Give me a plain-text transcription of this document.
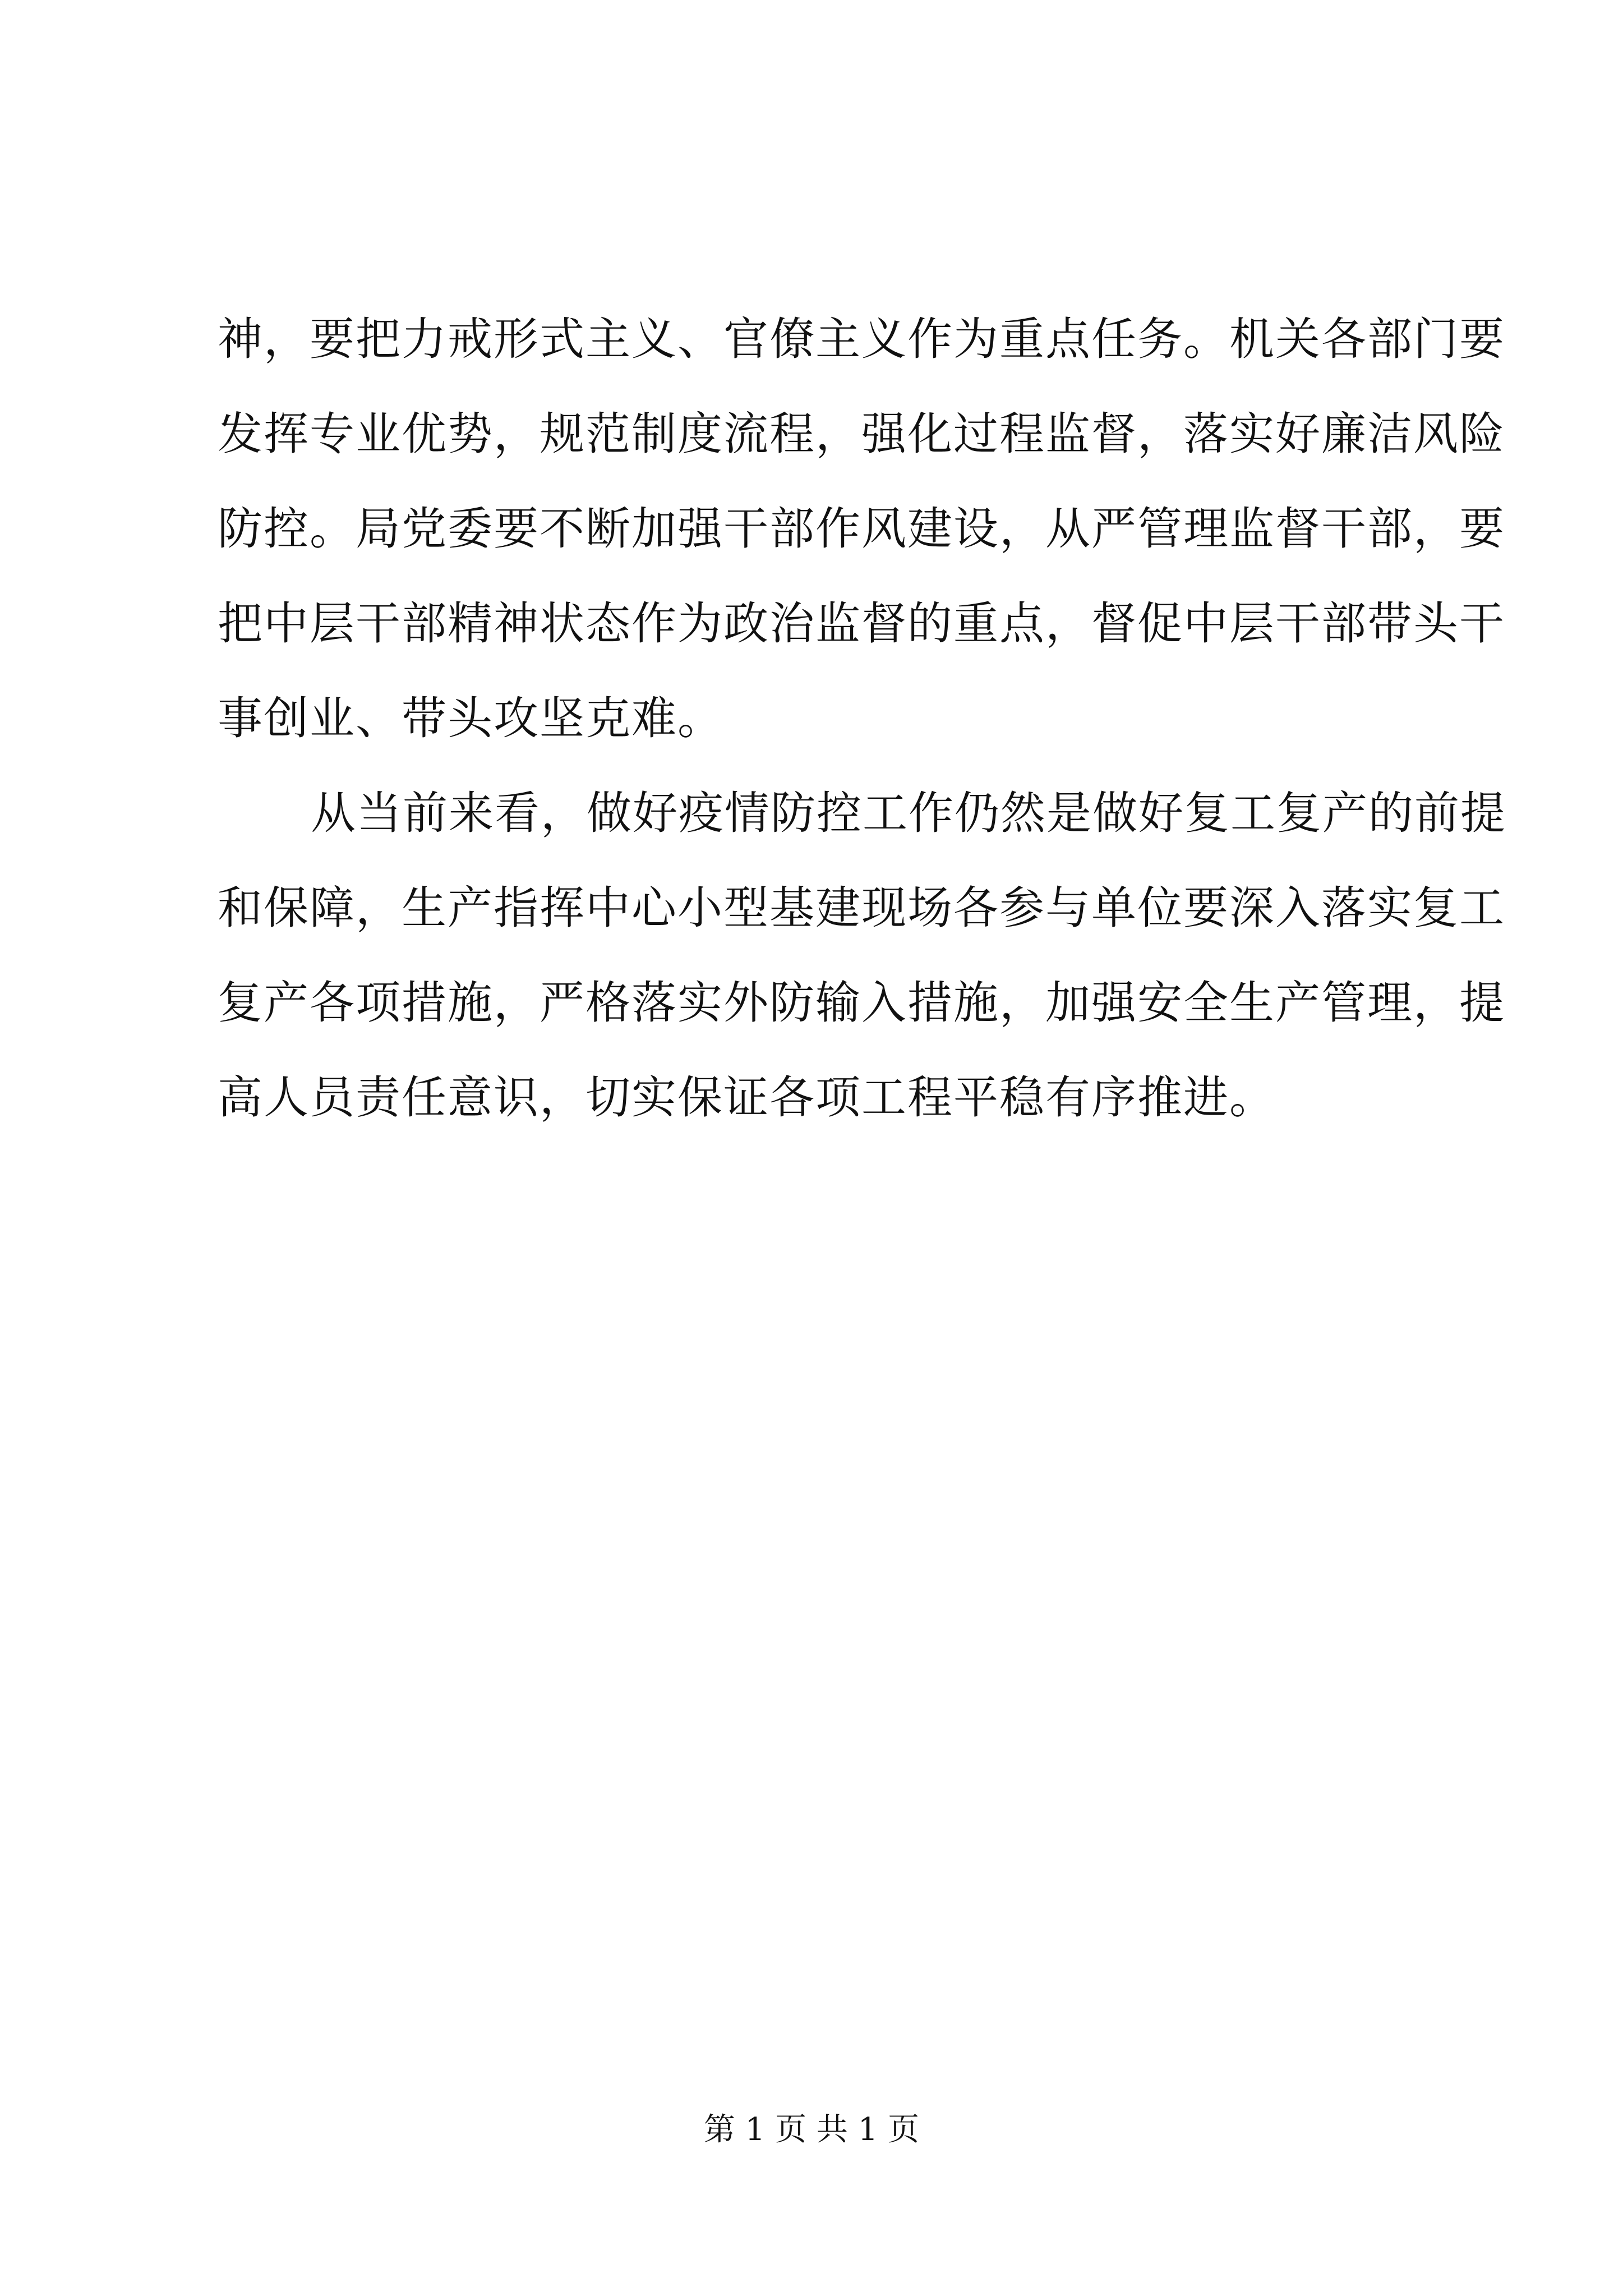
神，要把力戒形式主义、官僚主义作为重点任务。机关各部门要
发挥专业优势，规范制度流程，强化过程监督，落实好廉洁风险
防控。局党委要不断加强干部作风建设，从严管理监督干部，要
把中层干部精神状态作为政治监督的重点，督促中层干部带头干
事创业、带头攻坚克难。
从当前来看，做好疫情防控工作仍然是做好复工复产的前提
和保障，生产指挥中心小型基建现场各参与单位要深入落实复工
复产各项措施，严格落实外防输入措施，加强安全生产管理，提
高人员责任意识，切实保证各项工程平稳有序推进。
第 1 页 共 1 页
